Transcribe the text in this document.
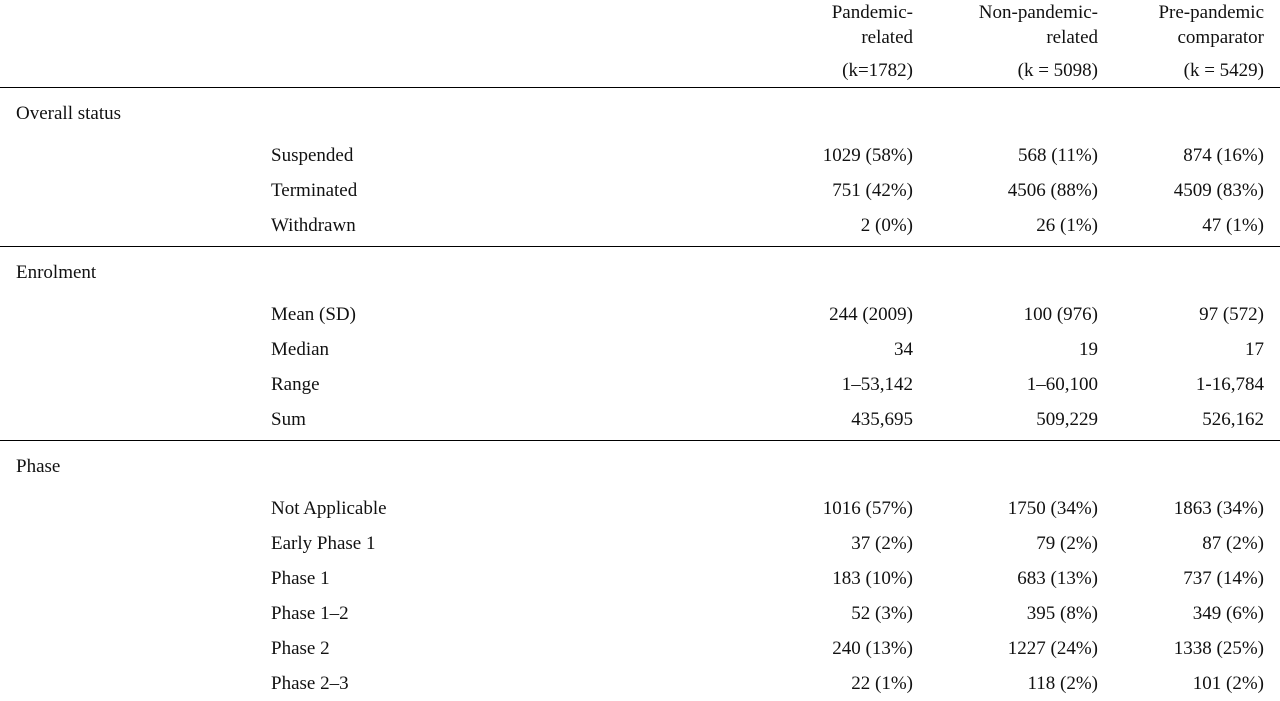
Pandemic-
related
(k=1782)
Non-pandemic-
related
(k = 5098)
Pre-pandemic
comparator
(k = 5429)
Overall status
Suspended	1029 (58%)	568 (11%)	874 (16%)
Terminated	751 (42%)	4506 (88%)	4509 (83%)
Withdrawn	2 (0%)	26 (1%)	47 (1%)
Enrolment
Mean (SD)	244 (2009)	100 (976)	97 (572)
Median	34	19	17
Range	1–53,142	1–60,100	1-16,784
Sum	435,695	509,229	526,162
Phase
Not Applicable	1016 (57%)	1750 (34%)	1863 (34%)
Early Phase 1	37 (2%)	79 (2%)	87 (2%)
Phase 1	183 (10%)	683 (13%)	737 (14%)
Phase 1–2	52 (3%)	395 (8%)	349 (6%)
Phase 2	240 (13%)	1227 (24%)	1338 (25%)
Phase 2–3	22 (1%)	118 (2%)	101 (2%)
